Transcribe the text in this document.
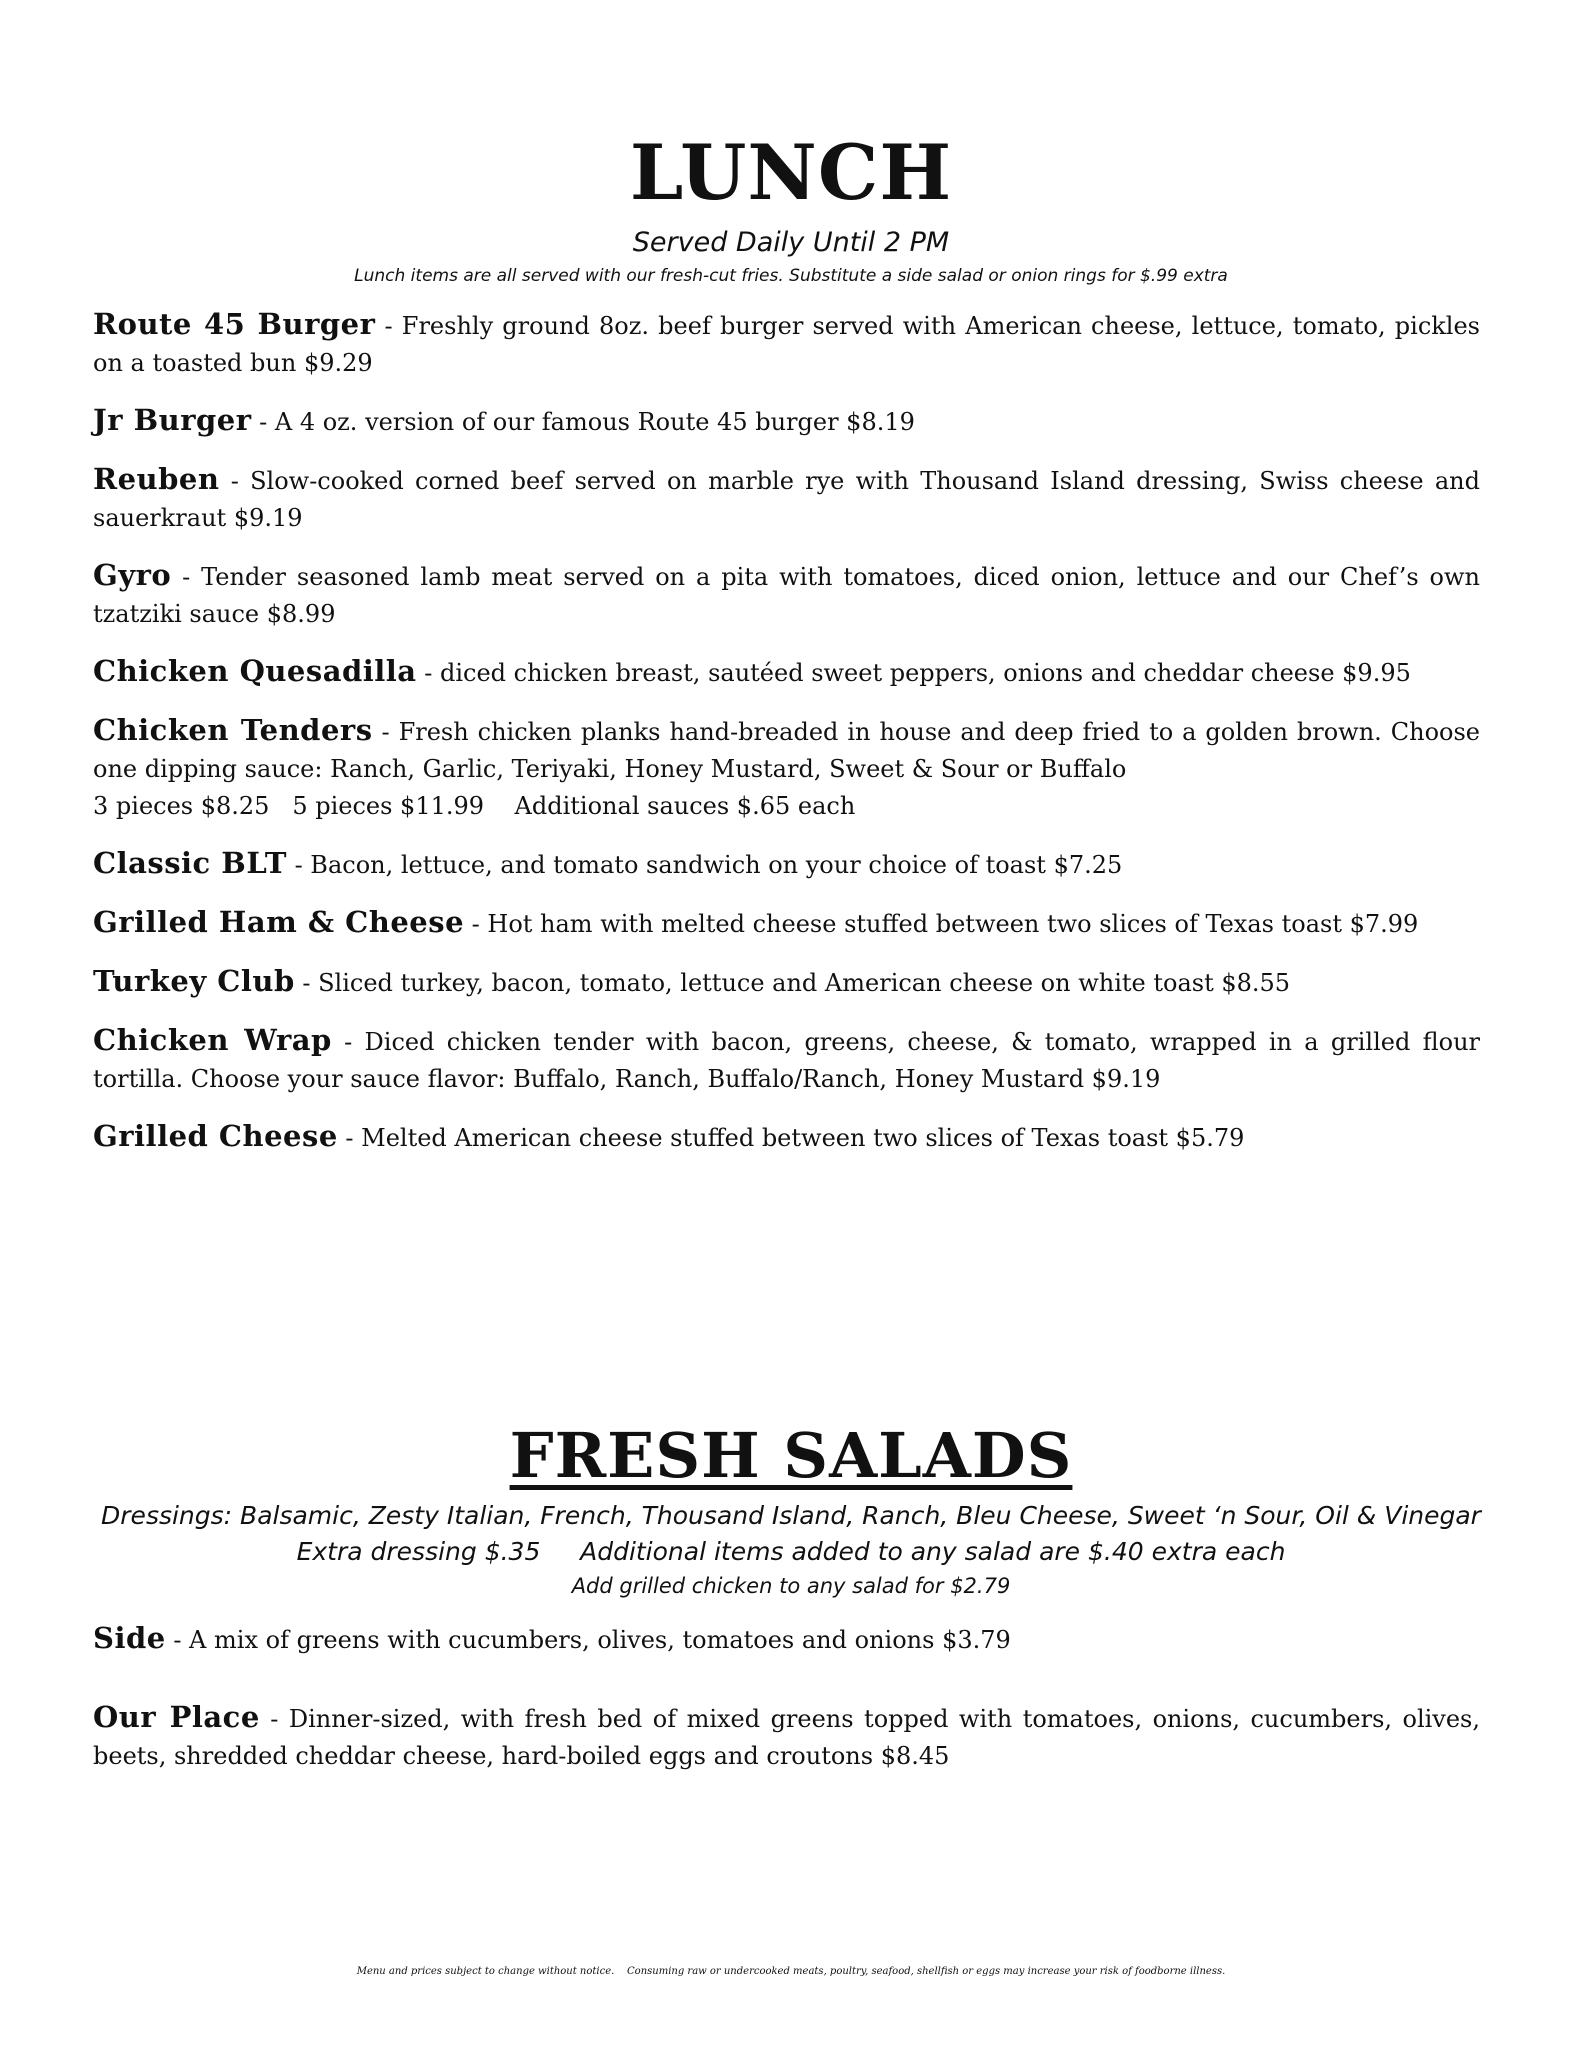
LUNCH

Served Daily Until 2 PM

Lunch items are all served with our fresh-cut fries. Substitute a side salad or onion rings for $.99 extra

Route 45 Burger - Freshly ground 8oz. beef burger served with American cheese, lettuce, tomato, pickles on a toasted bun $9.29
Jr Burger - A 4 oz. version of our famous Route 45 burger $8.19
Reuben - Slow-cooked corned beef served on marble rye with Thousand Island dressing, Swiss cheese and sauerkraut $9.19
Gyro - Tender seasoned lamb meat served on a pita with tomatoes, diced onion, lettuce and our Chef’s own tzatziki sauce $8.99
Chicken Quesadilla - diced chicken breast, sautéed sweet peppers, onions and cheddar cheese $9.95
Chicken Tenders - Fresh chicken planks hand-breaded in house and deep fried to a golden brown. Choose one dipping sauce: Ranch, Garlic, Teriyaki, Honey Mustard, Sweet & Sour or Buffalo
3 pieces $8.25   5 pieces $11.99    Additional sauces $.65 each
Classic BLT - Bacon, lettuce, and tomato sandwich on your choice of toast $7.25
Grilled Ham & Cheese - Hot ham with melted cheese stuffed between two slices of Texas toast $7.99
Turkey Club - Sliced turkey, bacon, tomato, lettuce and American cheese on white toast $8.55
Chicken Wrap - Diced chicken tender with bacon, greens, cheese, & tomato, wrapped in a grilled flour tortilla. Choose your sauce flavor: Buffalo, Ranch, Buffalo/Ranch, Honey Mustard $9.19
Grilled Cheese - Melted American cheese stuffed between two slices of Texas toast $5.79
FRESH SALADS

Dressings: Balsamic, Zesty Italian, French, Thousand Island, Ranch, Bleu Cheese, Sweet ‘n Sour, Oil & Vinegar

Extra dressing $.35     Additional items added to any salad are $.40 extra each

Add grilled chicken to any salad for $2.79

Side - A mix of greens with cucumbers, olives, tomatoes and onions $3.79
Our Place - Dinner-sized, with fresh bed of mixed greens topped with tomatoes, onions, cucumbers, olives, beets, shredded cheddar cheese, hard-boiled eggs and croutons $8.45

Menu and prices subject to change without notice.    Consuming raw or undercooked meats, poultry, seafood, shellfish or eggs may increase your risk of foodborne illness.
